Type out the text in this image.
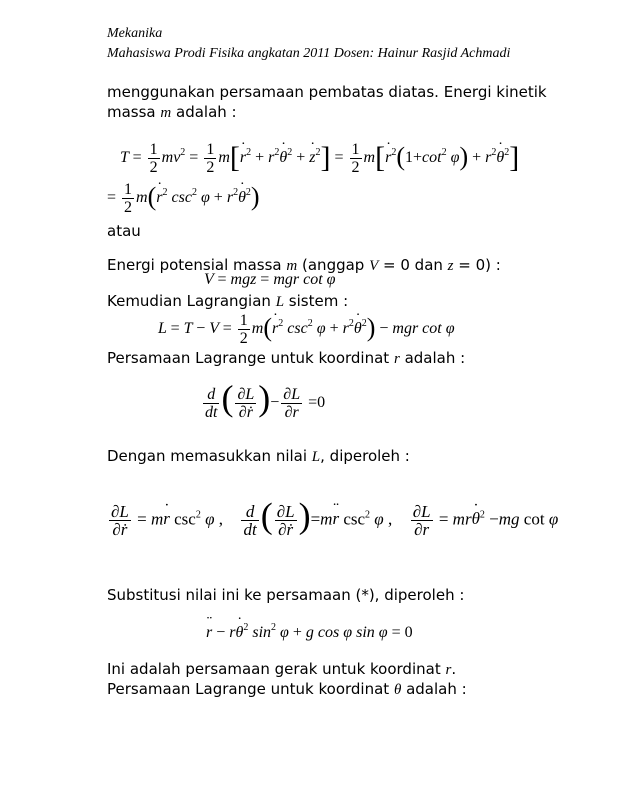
Mekanika
Mahasiswa Prodi Fisika angkatan 2011 Dosen: Hainur Rasjid Achmadi
menggunakan persamaan pembatas diatas. Energi kinetik
massa m adalah :
$T = \frac{1}{2} mv^2 = \frac{1}{2} m[r$ ˙$^2$ + $r^2\theta$ ˙$^2$ + z ˙$^2$] = $\frac{1}{2} m[r$ $˙^2(1+\cot^2$ $\varphi) + r^2\theta$ ˙$^2$]
= $\frac{1}{2} m(r$ ˙$^2$ $\csc^2 \varphi + r^2\theta$ ˙$^2$)
atau
Energi potensial massa m (anggap V = 0 dan z = 0) :
V = mgz = mgr cot φ
Kemudian Lagrangian L sistem :
$L = T - V = \frac{1}{2} m(r$ ˙$^2$ $\csc^2 \varphi + r^2\theta$ ˙$^2$) − mgr cot φ
Persamaan Lagrange untuk koordinat r adalah :
$\frac{d}{dt}$ ( $\frac{\partial L}{\text{∂ṙ}}$ )− $\frac{\partial L}{\partial r} =0$
Dengan memasukkan nilai L, diperoleh :
$\frac{\partial L}{\text{∂ṙ}}$ = mr ˙ $\csc^2 \varphi$ , $\frac{d}{dt}$ ( $\frac{\partial L}{\text{∂ṙ}} )=mr$ ¨ $\csc^2 \varphi$ , $\frac{\partial L}{\partial r} = mr\theta$ ˙$^2$ −mg cot φ
Substitusi nilai ini ke persamaan (*), diperoleh :
r ¨ − rθ ˙$^2$ $\sin^2 \varphi + g$ cos φ sin φ = 0
Ini adalah persamaan gerak untuk koordinat r.
Persamaan Lagrange untuk koordinat θ adalah :
